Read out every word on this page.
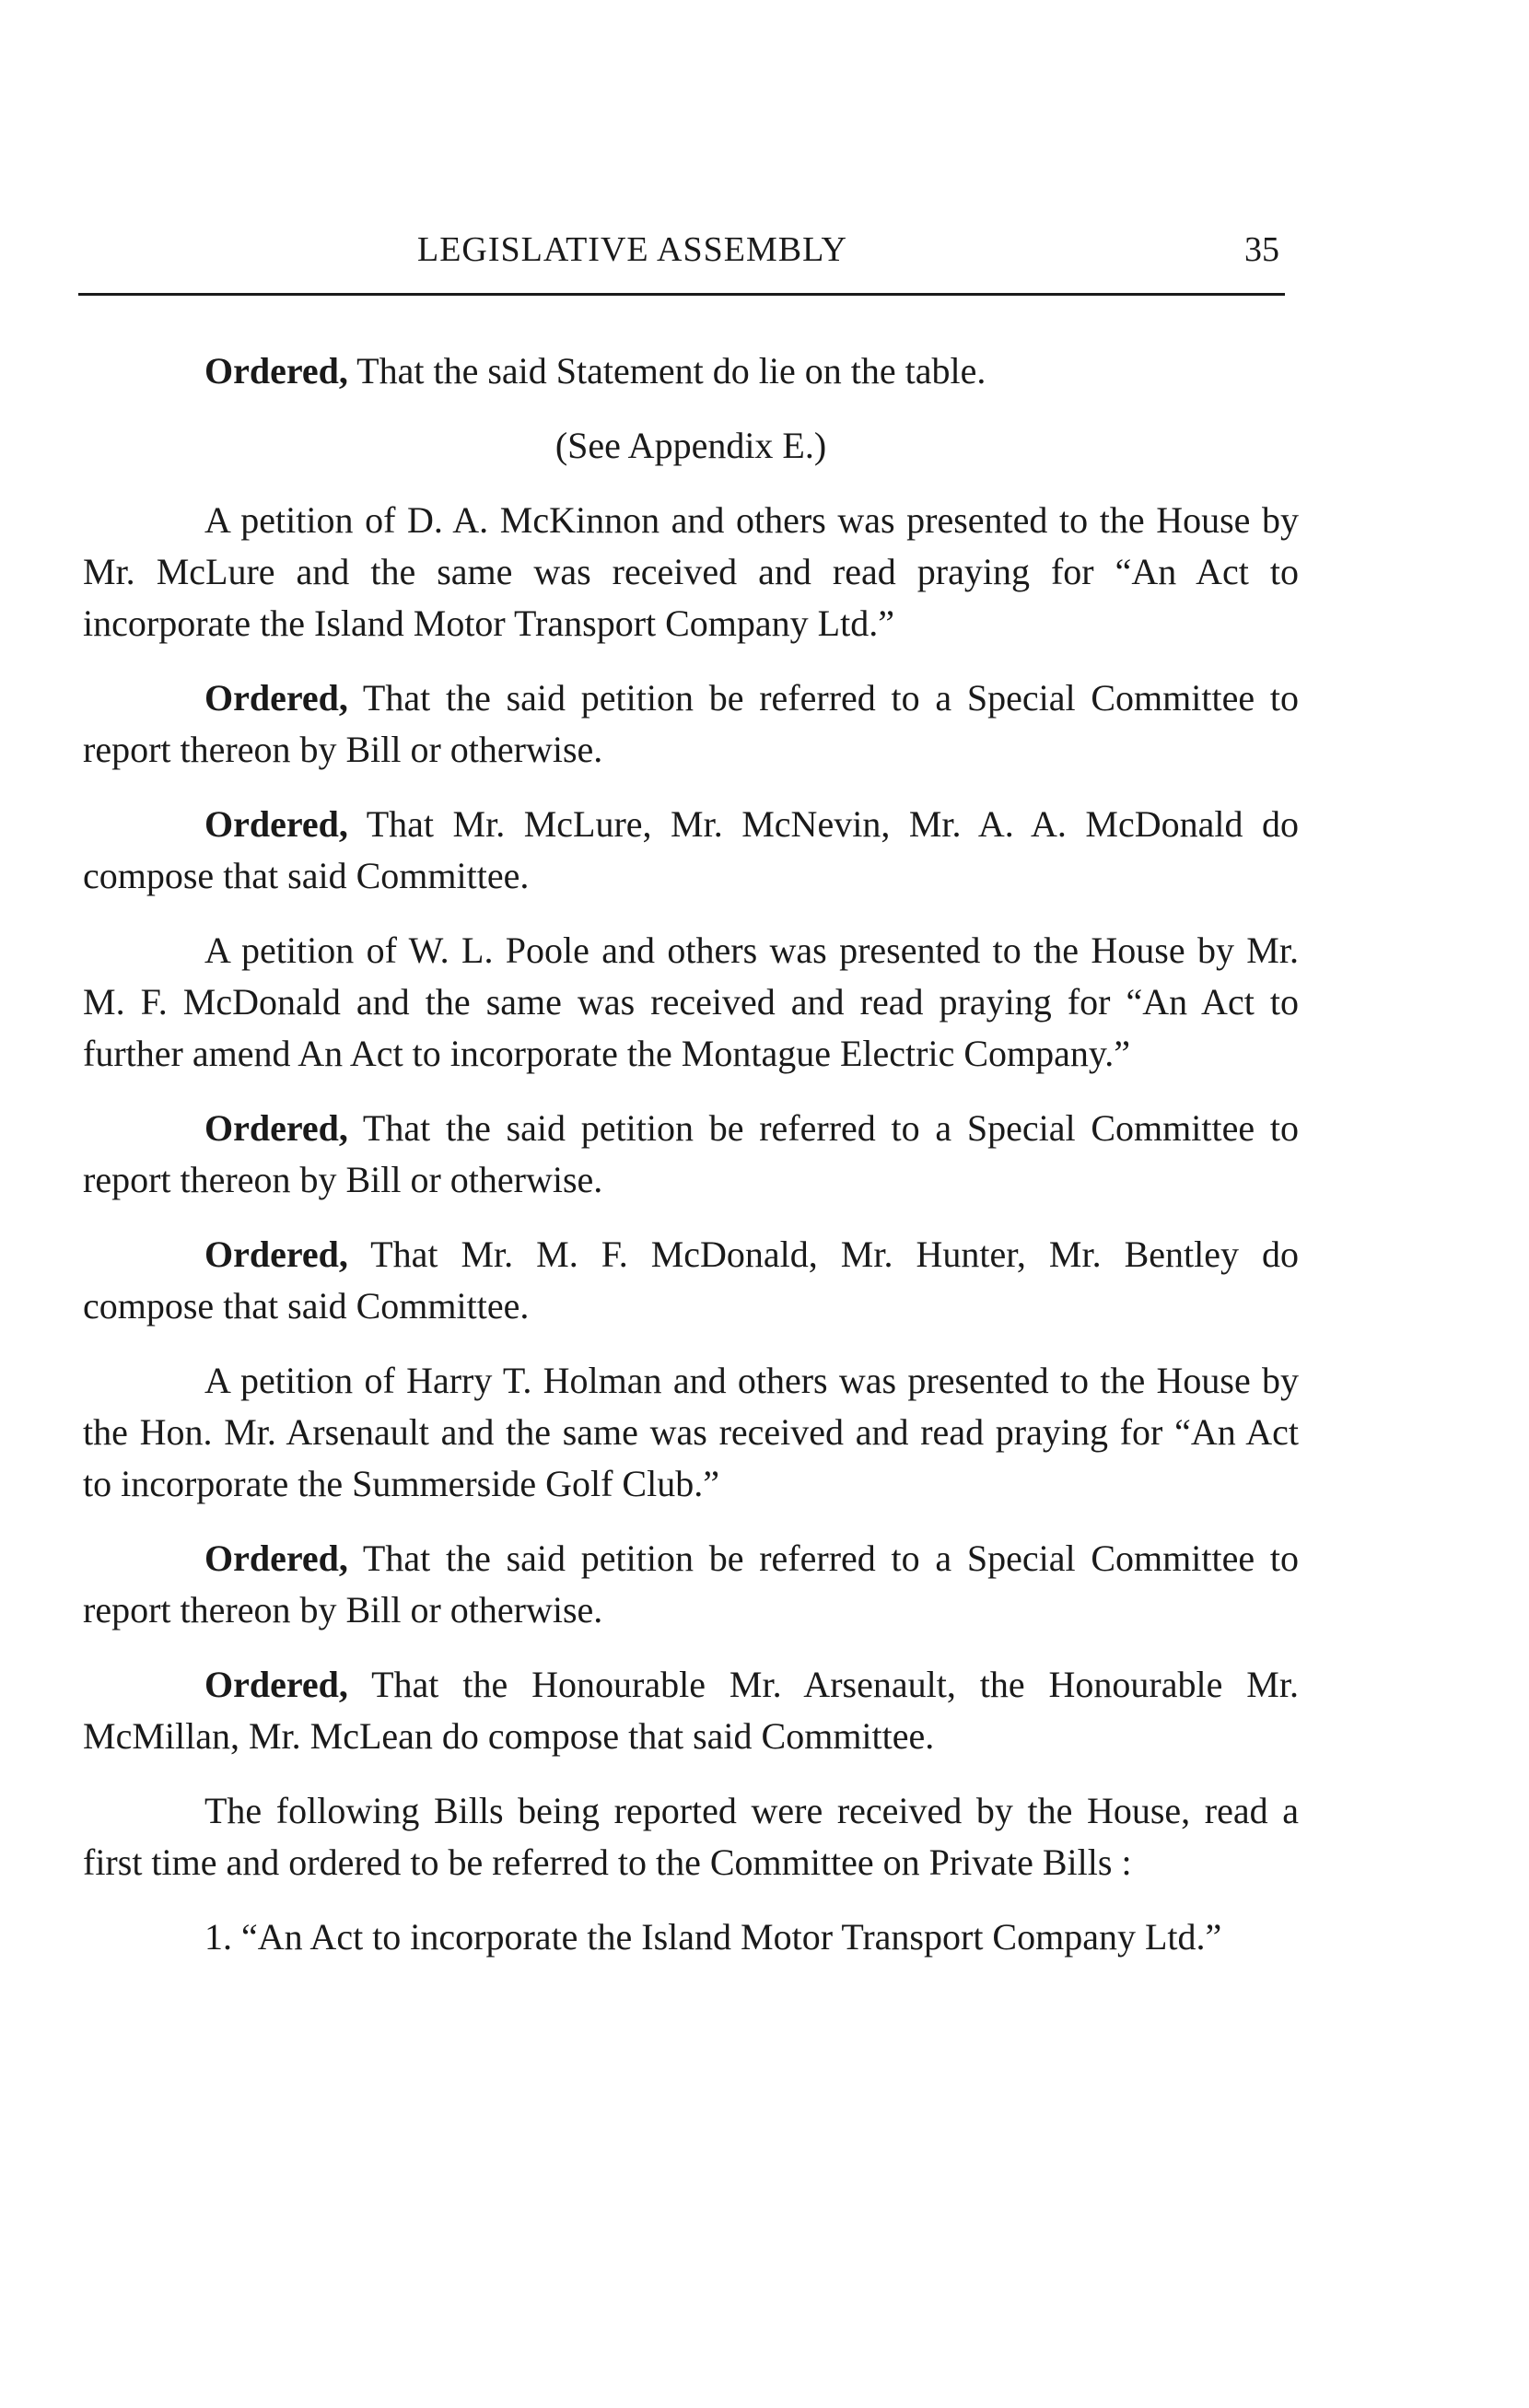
LEGISLATIVE ASSEMBLY	35

Ordered, That the said Statement do lie on the table.

(See Appendix E.)

A petition of D. A. McKinnon and others was presented to the House by Mr. McLure and the same was received and read praying for “An Act to incorporate the Island Motor Transport Company Ltd.”

Ordered, That the said petition be referred to a Special Committee to report thereon by Bill or otherwise.

Ordered, That Mr. McLure, Mr. McNevin, Mr. A. A. McDonald do compose that said Committee.

A petition of W. L. Poole and others was presented to the House by Mr. M. F. McDonald and the same was received and read praying for “An Act to further amend An Act to incorporate the Montague Electric Company.”

Ordered, That the said petition be referred to a Special Committee to report thereon by Bill or otherwise.

Ordered, That Mr. M. F. McDonald, Mr. Hunter, Mr. Bentley do compose that said Committee.

A petition of Harry T. Holman and others was presented to the House by the Hon. Mr. Arsenault and the same was received and read praying for “An Act to incorporate the Summerside Golf Club.”

Ordered, That the said petition be referred to a Special Committee to report thereon by Bill or otherwise.

Ordered, That the Honourable Mr. Arsenault, the Honourable Mr. McMillan, Mr. McLean do compose that said Committee.

The following Bills being reported were received by the House, read a first time and ordered to be referred to the Committee on Private Bills :

1. “An Act to incorporate the Island Motor Transport Company Ltd.”
